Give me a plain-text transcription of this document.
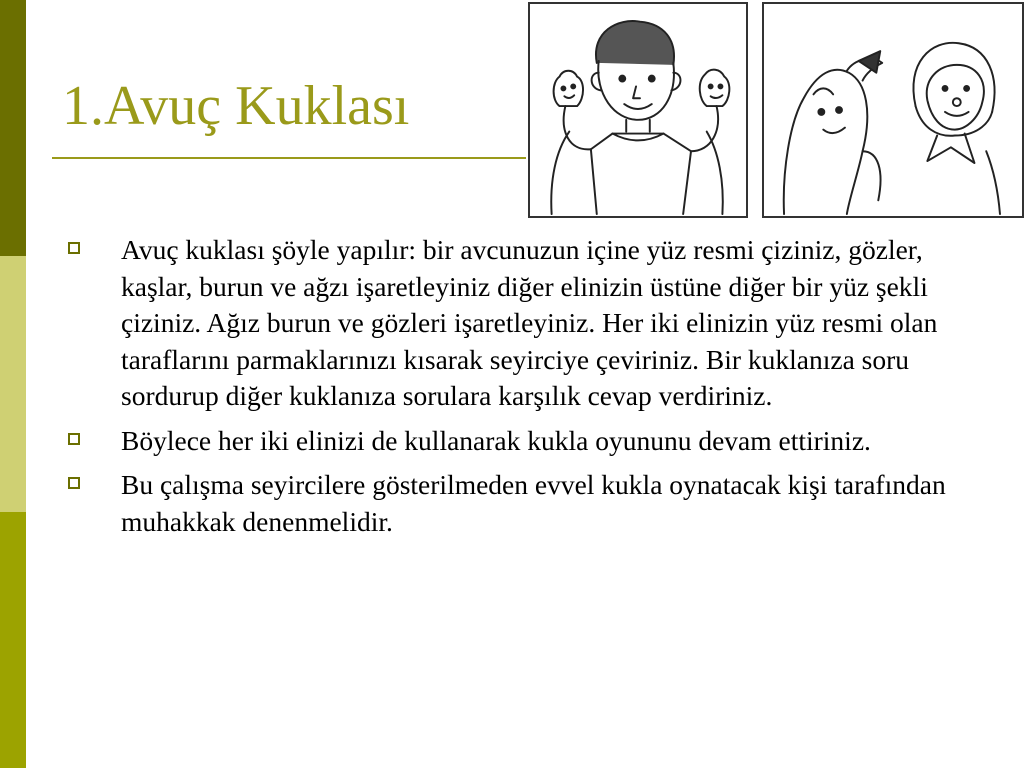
1.Avuç Kuklası
Avuç kuklası şöyle yapılır: bir avcunuzun içine yüz resmi çiziniz, gözler, kaşlar, burun ve ağzı işaretleyiniz diğer elinizin üstüne diğer bir yüz şekli çiziniz. Ağız burun ve gözleri işaretleyiniz. Her iki elinizin yüz resmi olan taraflarını parmaklarınızı kısarak seyirciye çeviriniz. Bir kuklanıza soru sordurup diğer kuklanıza sorulara karşılık cevap verdiriniz.
Böylece her iki elinizi de kullanarak kukla oyununu devam ettiriniz.
Bu çalışma seyircilere gösterilmeden evvel kukla oynatacak kişi tarafından muhakkak denenmelidir.
